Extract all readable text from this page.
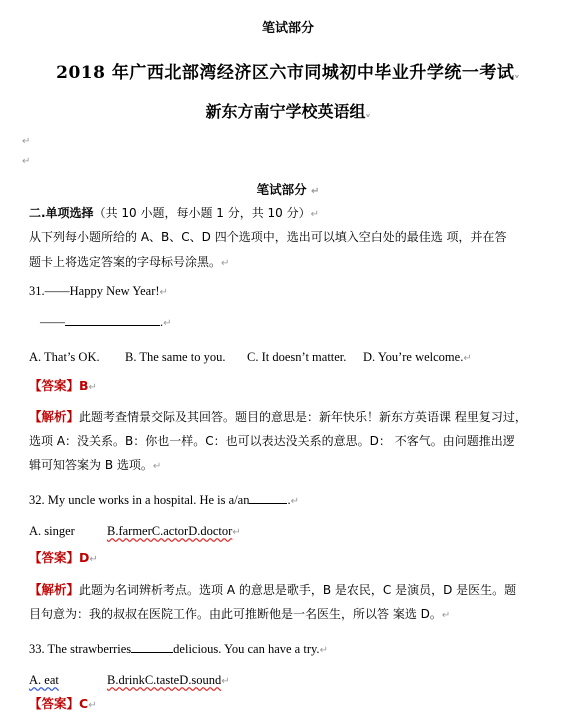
笔试部分
2018 年广西北部湾经济区六市同城初中毕业升学统一考试ᵥ
新东方南宁学校英语组ᵥ
↵
↵
笔试部分 ↵
二.单项选择（共 10 小题，每小题 1 分，共 10 分）↵
从下列每小题所给的 A、B、C、D 四个选项中，选出可以填入空白处的最佳选 项，并在答
题卡上将选定答案的字母标号涂黑。↵
31.——Happy New Year!↵
——	.↵
A. That’s OK. B. The same to you. C. It doesn’t matter. D. You’re welcome.↵
【答案】B↵
【解析】此题考查情景交际及其回答。题目的意思是：新年快乐！新东方英语课 程里复习过，
选项 A：没关系。B：你也一样。C：也可以表达没关系的意思。D： 不客气。由问题推出逻
辑可知答案为 B 选项。↵
32. My uncle works in a hospital. He is a/an	.↵
A. singer	B.farmerC.actorD.doctor↵
【答案】D↵
【解析】此题为名词辨析考点。选项 A 的意思是歌手，B 是农民，C 是演员，D 是医生。题
目句意为：我的叔叔在医院工作。由此可推断他是一名医生，所以答 案选 D。↵
33. The strawberries	delicious. You can have a try.↵
A. eat	B.drinkC.tasteD.sound↵
【答案】C↵
